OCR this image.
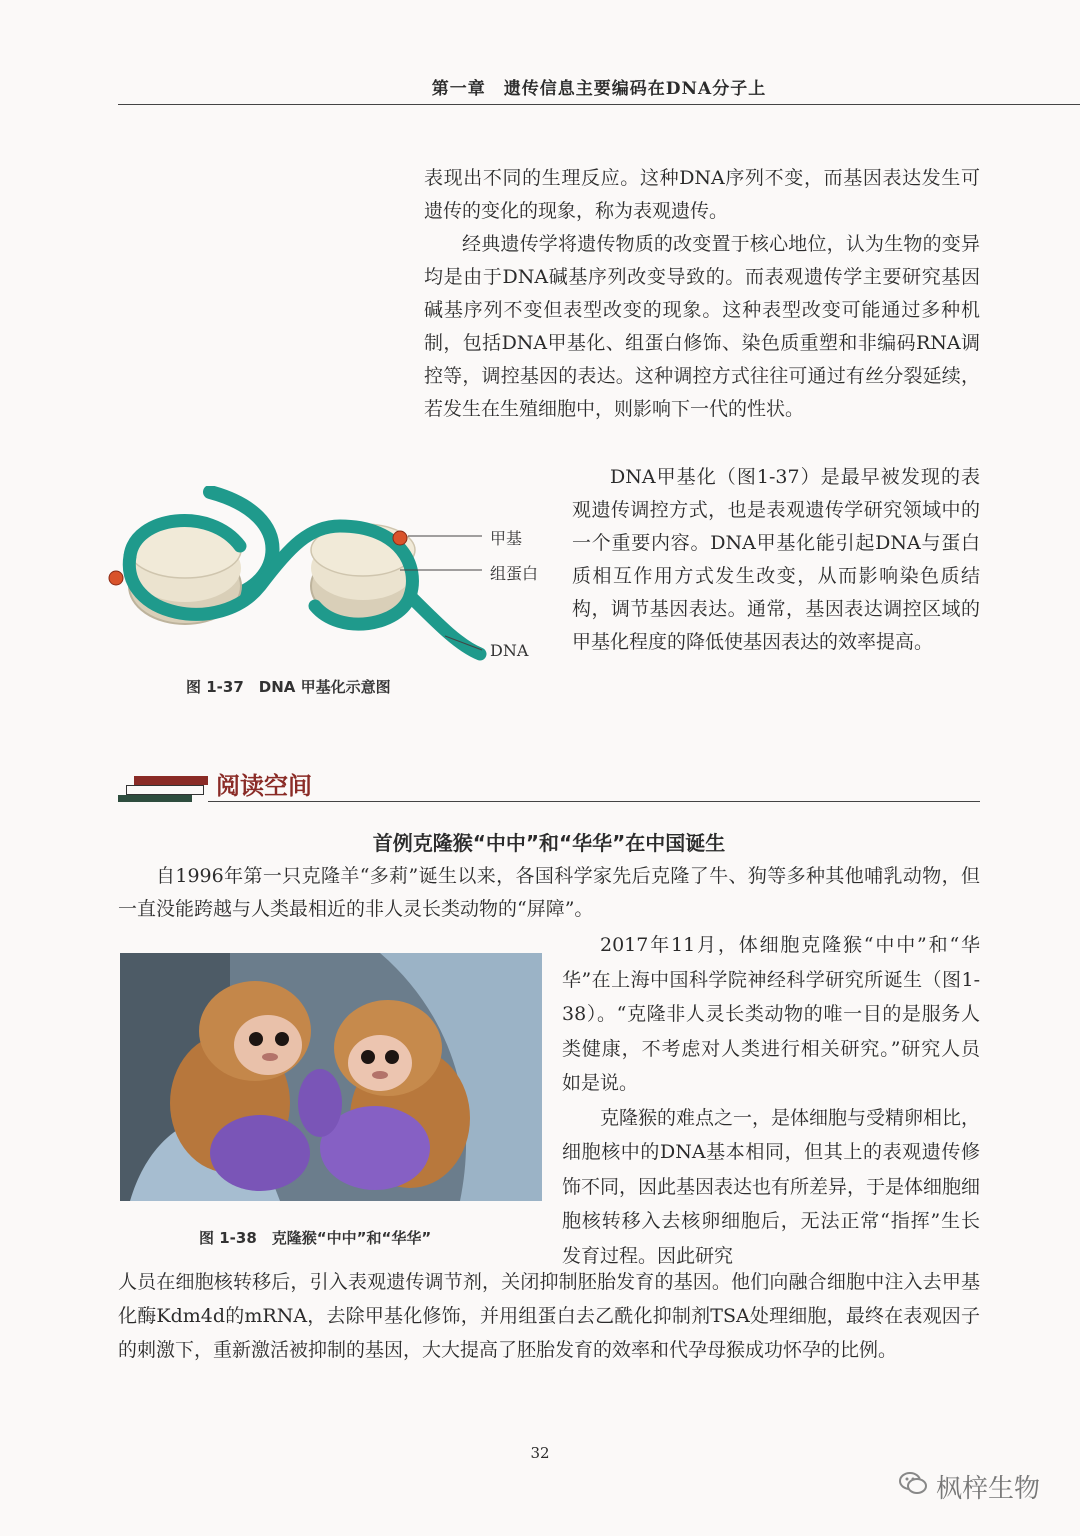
第一章　遗传信息主要编码在DNA分子上

表现出不同的生理反应。这种DNA序列不变，而基因表达发生可遗传的变化的现象，称为表观遗传。

经典遗传学将遗传物质的改变置于核心地位，认为生物的变异均是由于DNA碱基序列改变导致的。而表观遗传学主要研究基因碱基序列不变但表型改变的现象。这种表型改变可能通过多种机制，包括DNA甲基化、组蛋白修饰、染色质重塑和非编码RNA调控等，调控基因的表达。这种调控方式往往可通过有丝分裂延续，若发生在生殖细胞中，则影响下一代的性状。

DNA甲基化（图1-37）是最早被发现的表观遗传调控方式，也是表观遗传学研究领域中的一个重要内容。DNA甲基化能引起DNA与蛋白质相互作用方式发生改变，从而影响染色质结构，调节基因表达。通常，基因表达调控区域的甲基化程度的降低使基因表达的效率提高。

甲基
组蛋白
DNA
图 1-37　DNA 甲基化示意图
阅读空间
首例克隆猴“中中”和“华华”在中国诞生

自1996年第一只克隆羊“多莉”诞生以来，各国科学家先后克隆了牛、狗等多种其他哺乳动物，但一直没能跨越与人类最相近的非人灵长类动物的“屏障”。

图 1-38　克隆猴“中中”和“华华”

2017年11月，体细胞克隆猴“中中”和“华华”在上海中国科学院神经科学研究所诞生（图1-38）。“克隆非人灵长类动物的唯一目的是服务人类健康，不考虑对人类进行相关研究。”研究人员如是说。

克隆猴的难点之一，是体细胞与受精卵相比，细胞核中的DNA基本相同，但其上的表观遗传修饰不同，因此基因表达也有所差异，于是体细胞细胞核转移入去核卵细胞后，无法正常“指挥”生长发育过程。因此研究

人员在细胞核转移后，引入表观遗传调节剂，关闭抑制胚胎发育的基因。他们向融合细胞中注入去甲基化酶Kdm4d的mRNA，去除甲基化修饰，并用组蛋白去乙酰化抑制剂TSA处理细胞，最终在表观因子的刺激下，重新激活被抑制的基因，大大提高了胚胎发育的效率和代孕母猴成功怀孕的比例。

32
枫梓生物
